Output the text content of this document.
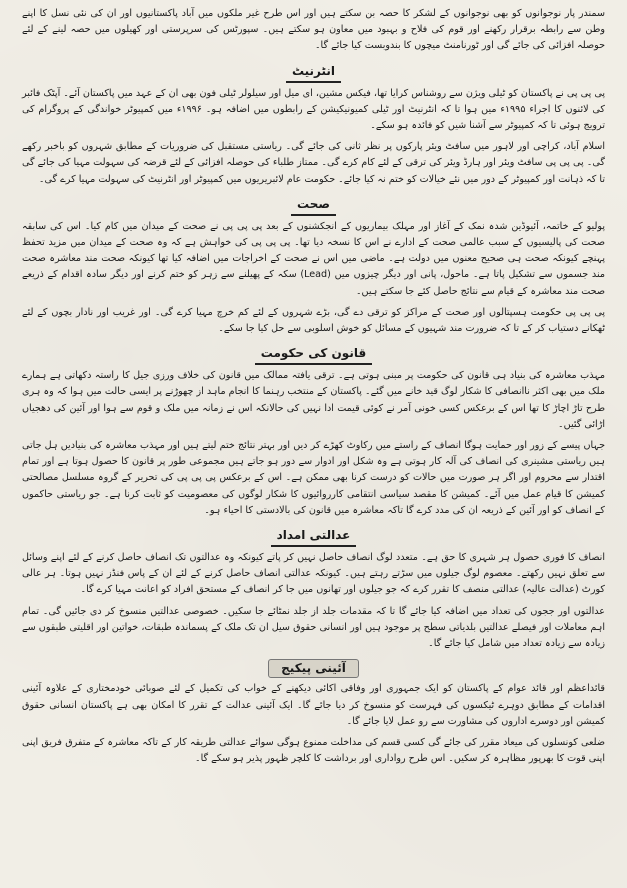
سمندر پار نوجوانوں کو بھی نوجوانوں کے لشکر کا حصہ بن سکتے ہیں اور اس طرح غیر ملکوں میں آباد پاکستانیوں اور ان کی نئی نسل کا اپنے وطن سے رابطہ برقرار رکھنے اور قوم کی فلاح و بہبود میں معاون ہو سکتے ہیں۔ سپورٹس کی سرپرستی اور کھیلوں میں حصہ لینے کے لئے حوصلہ افزائی کی جائے گی اور ٹورنامنٹ میچوں کا بندوبست کیا جائے گا۔

انٹرنیٹ

پی پی پی نے پاکستان کو ٹیلی ویژن سے روشناس کرایا تھا، فیکس مشین، ای میل اور سیلولر ٹیلی فون بھی ان کے عہد میں پاکستان آئے۔ آپٹک فائبر کی لائنوں کا اجراء ۱۹۹۵ء میں ہوا تا کہ انٹرنیٹ اور ٹیلی کمیونیکیشن کے رابطوں میں اضافہ ہو۔ ۱۹۹۶ء میں کمپیوٹر خواندگی کے پروگرام کی ترویج ہوئی تا کہ کمپیوٹر سے آشنا شیں کو فائدہ ہو سکے۔

اسلام آباد، کراچی اور لاہور میں سافٹ ویئر پارکوں پر نظر ثانی کی جائے گی۔ ریاستی مستقبل کی ضروریات کے مطابق شہروں کو باخبر رکھے گی۔ پی پی پی سافٹ ویئر اور ہارڈ ویئر کی ترقی کے لئے کام کرے گی۔ ممتاز طلباء کی حوصلہ افزائی کے لئے قرضہ کی سہولت مہیا کی جائے گی تا کہ ذہانت اور کمپیوٹر کے دور میں نئے خیالات کو ختم نہ کیا جائے۔ حکومت عام لائبریریوں میں کمپیوٹر اور انٹرنیٹ کی سہولت مہیا کرے گی۔

صحت

پولیو کے خاتمہ، آئیوڈین شدہ نمک کے آغاز اور مہلک بیماریوں کے انجکشنوں کے بعد پی پی پی نے صحت کے میدان میں کام کیا۔ اس کی سابقہ صحت کی پالیسیوں کے سبب عالمی صحت کے ادارے نے اس کا نسخہ دیا تھا۔ پی پی پی کی خواہش ہے کہ وہ صحت کے میدان میں مزید تحفظ پہنچے کیونکہ صحت ہی صحیح معنوں میں دولت ہے۔ ماضی میں اس نے صحت کے اخراجات میں اضافہ کیا تھا کیونکہ صحت مند معاشرہ صحت مند جسموں سے تشکیل پاتا ہے۔ ماحول، پانی اور دیگر چیزوں میں (Lead) سکہ کے پھیلنے سے زہر کو ختم کرنے اور دیگر سادہ اقدام کے ذریعے صحت مند معاشرہ کے قیام سے نتائج حاصل کئے جا سکتے ہیں۔

پی پی پی حکومت ہسپتالوں اور صحت کے مراکز کو ترقی دے گی، بڑے شہروں کے لئے کم خرچ مہیا کرے گی۔ اور غریب اور نادار بچوں کے لئے ٹھکانے دستیاب کر کے تا کہ ضرورت مند شہیوں کے مسائل کو خوش اسلوبی سے حل کیا جا سکے۔

قانون کی حکومت

مہذب معاشرہ کی بنیاد ہی قانون کی حکومت پر مبنی ہوتی ہے۔ ترقی یافتہ ممالک میں قانون کی خلاف ورزی جیل کا راستہ دکھاتی ہے ہمارے ملک میں بھی اکثر ناانصافی کا شکار لوگ قید خانے میں گئے۔ پاکستان کے منتخب رہنما کا انجام ماہد از چھوڑنے پر ایسی حالت میں ہوا کہ وہ ہری طرح تاڑ اچاڑ کا تھا اس کے برعکس کسی خونی آمر نے کوئی قیمت ادا نہیں کی حالانکہ اس نے زمانہ میں ملک و قوم سے ہوا اور آئین کی دھجیاں اڑائی گئیں۔

جہاں پیسے کے زور اور حمایت ہوگا انصاف کے راستے میں رکاوٹ کھڑے کر دیں اور بہتر نتائج ختم لیتے ہیں اور مہذب معاشرہ کی بنیادیں ہل جاتی ہیں ریاستی مشینری کی انصاف کی آلہ کار ہوتی ہے وہ شکل اور ادوار سے دور ہو جاتے ہیں مجموعی طور پر قانون کا حصول ہوتا ہے اور تمام اقتدار سے محروم اور اگر ہر صورت میں حالات کو درست کرنا بھی ممکن ہے۔ اس کے برعکس پی پی پی کی تحریر کے گروہ مسلسل مصالحتی کمیشن کا قیام عمل میں آئے۔ کمیشن کا مقصد سیاسی انتقامی کارروائیوں کا شکار لوگوں کی معصومیت کو ثابت کرنا ہے۔ جو ریاستی حاکموں کے انصاف کو اور آئین کے ذریعہ ان کی مدد کرے گا تاکہ معاشرہ میں قانون کی بالادستی کا احیاء ہو۔

عدالتی امداد

انصاف کا فوری حصول ہر شہری کا حق ہے۔ متعدد لوگ انصاف حاصل نہیں کر پاتے کیونکہ وہ عدالتوں تک انصاف حاصل کرنے کے لئے اپنے وسائل سے تعلق نہیں رکھتے۔ معصوم لوگ جیلوں میں سڑتے رہتے ہیں۔ کیونکہ عدالتی انصاف حاصل کرنے کے لئے ان کے پاس فنڈز نہیں ہوتا۔ ہر عالی کورٹ (عدالت عالیہ) عدالتی منصف کا تقرر کرے کہ جو جیلوں اور تھانوں میں جا کر انصاف کے مستحق افراد کو اعانت مہیا کرے گا۔

عدالتوں اور ججوں کی تعداد میں اضافہ کیا جائے گا تا کہ مقدمات جلد از جلد نمٹائے جا سکیں۔ خصوصی عدالتیں منسوخ کر دی جائیں گی۔ تمام اہم معاملات اور فیصلے عدالتیں بلدیاتی سطح پر موجود ہیں اور انسانی حقوق سیل ان تک ملک کے پسماندہ طبقات، خواتین اور اقلیتی طبقوں سے زیادہ سے زیادہ تعداد میں شامل کیا جائے گا۔

آئینی پیکیج

قائداعظم اور قائد عوام کے پاکستان کو ایک جمہوری اور وفاقی اکائی دیکھنے کے خواب کی تکمیل کے لئے صوبائی خودمختاری کے علاوہ آئینی اقدامات کے مطابق دوہرے ٹیکسوں کی فہرست کو منسوخ کر دیا جائے گا۔ ایک آئینی عدالت کے تقرر کا امکان بھی ہے پاکستان انسانی حقوق کمیشن اور دوسرے اداروں کی مشاورت سے رو عمل لایا جائے گا۔

ضلعی کونسلوں کی میعاد مقرر کی جائے گی کسی قسم کی مداخلت ممنوع ہوگی سوائے عدالتی طریقہ کار کے تاکہ معاشرہ کے متفرق فریق اپنی اپنی قوت کا بھرپور مظاہرہ کر سکیں۔ اس طرح رواداری اور برداشت کا کلچر ظہور پذیر ہو سکے گا۔
